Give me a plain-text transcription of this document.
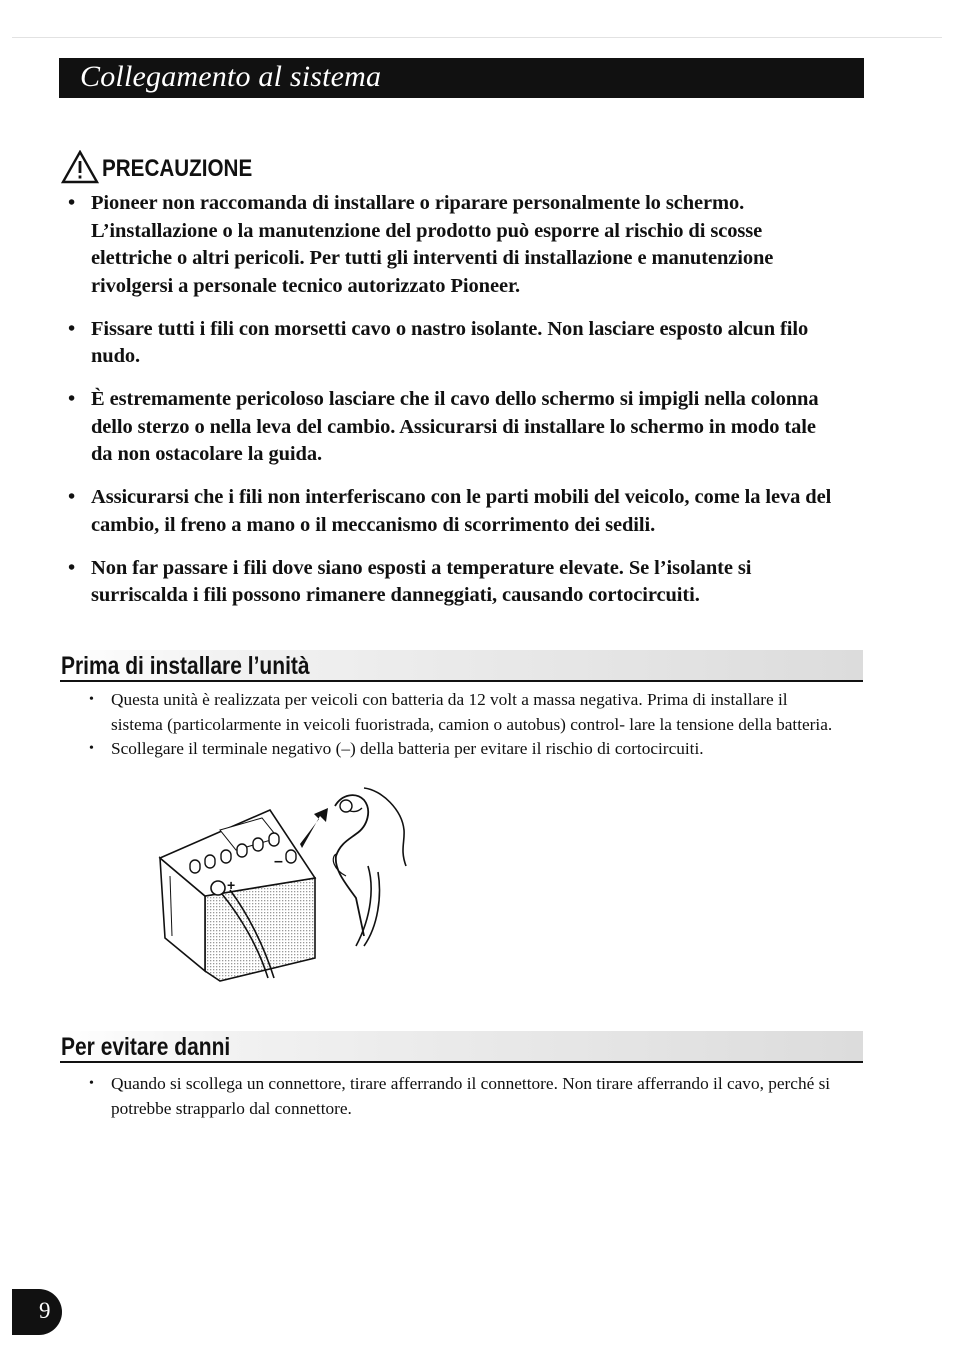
Collegamento al sistema
PRECAUZIONE
• Pioneer non raccomanda di installare o riparare personalmente lo schermo. L’installazione o la manutenzione del prodotto può esporre al rischio di scosse elettriche o altri pericoli. Per tutti gli interventi di installazione e manutenzione rivolgersi a personale tecnico autorizzato Pioneer.
• Fissare tutti i fili con morsetti cavo o nastro isolante. Non lasciare esposto alcun filo nudo.
• È estremamente pericoloso lasciare che il cavo dello schermo si impigli nella colonna dello sterzo o nella leva del cambio. Assicurarsi di installare lo schermo in modo tale da non ostacolare la guida.
• Assicurarsi che i fili non interferiscano con le parti mobili del veicolo, come la leva del cambio, il freno a mano o il meccanismo di scorrimento dei sedili.
• Non far passare i fili dove siano esposti a temperature elevate. Se l’isolante si surriscalda i fili possono rimanere danneggiati, causando cortocircuiti.
Prima di installare l’unità
• Questa unità è realizzata per veicoli con batteria da 12 volt a massa negativa. Prima di installare il sistema (particolarmente in veicoli fuoristrada, camion o autobus) control- lare la tensione della batteria.
• Scollegare il terminale negativo (–) della batteria per evitare il rischio di cortocircuiti.
+
–
Per evitare danni
• Quando si scollega un connettore, tirare afferrando il connettore. Non tirare afferrando il cavo, perché si potrebbe strapparlo dal connettore.
9
